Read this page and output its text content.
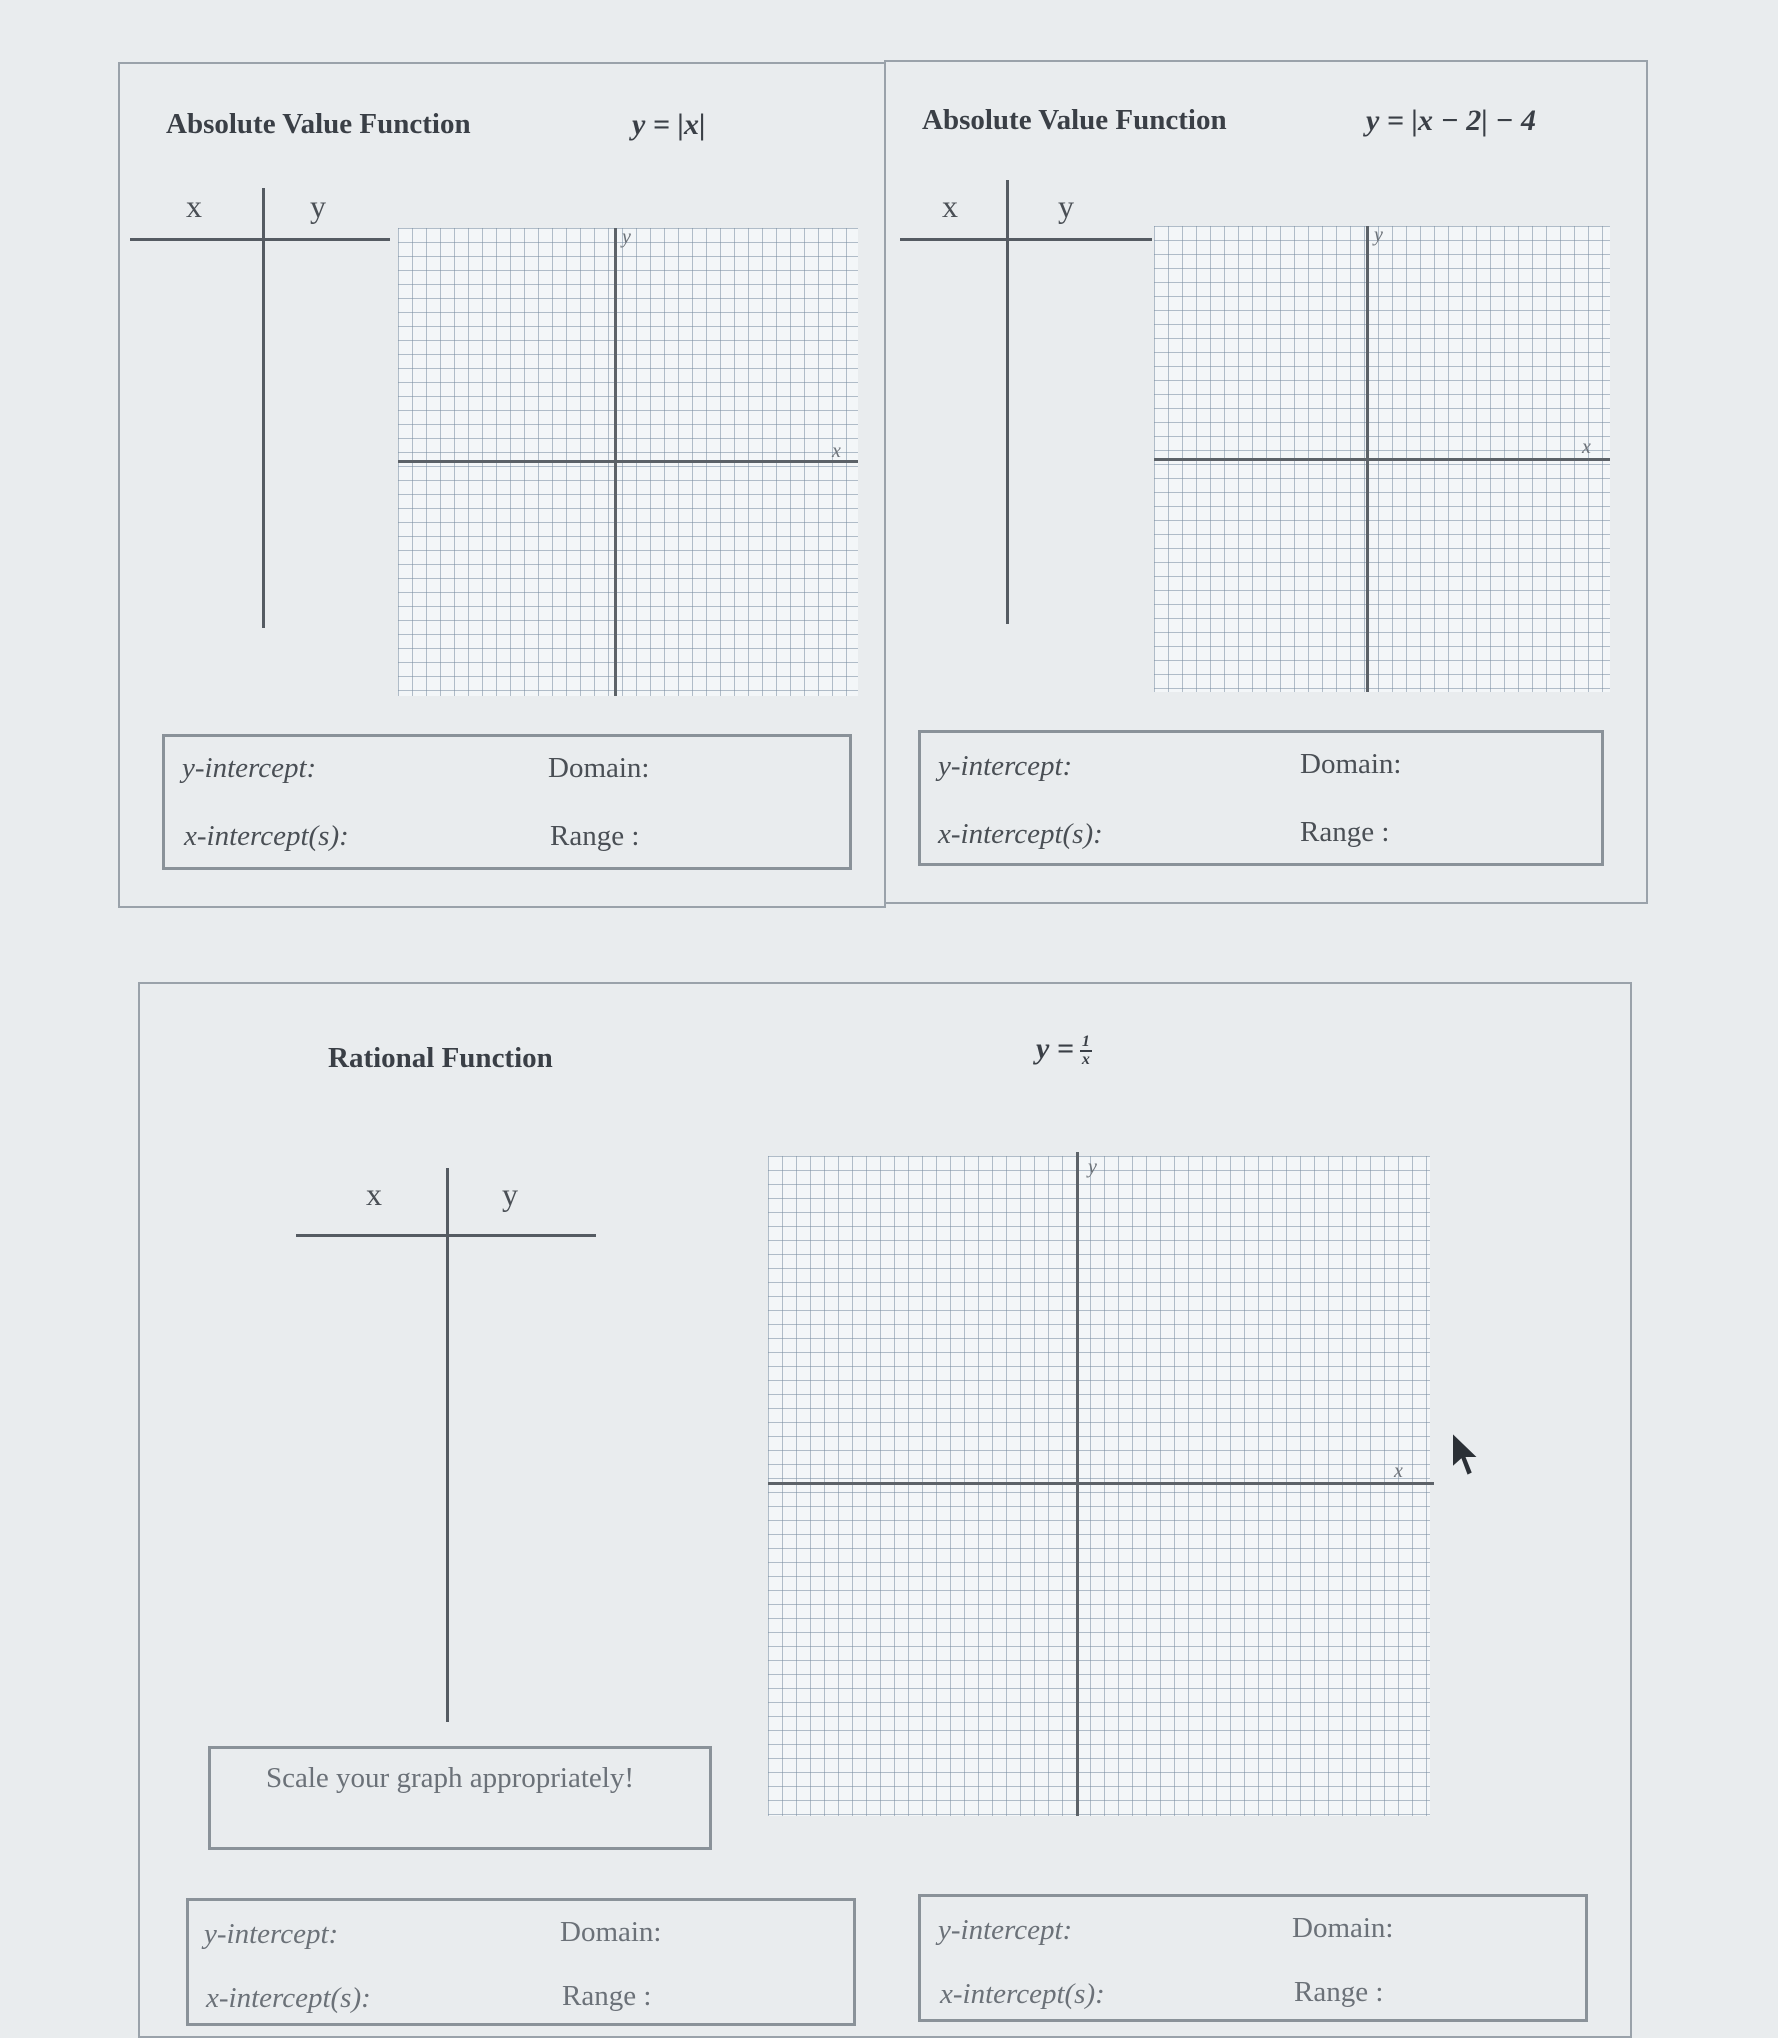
Absolute Value Function	y = |x|
x	y
x
y
y-intercept:	Domain:
x-intercept(s):	Range :
Absolute Value Function	y = |x − 2| − 4
x	y
x
y
y-intercept:	Domain:
x-intercept(s):	Range :
Rational Function	$y = \frac{1}{x}$
x	y
Scale your graph appropriately!
x
y
y-intercept:	Domain:
x-intercept(s):	Range :
y-intercept:	Domain:
x-intercept(s):	Range :
